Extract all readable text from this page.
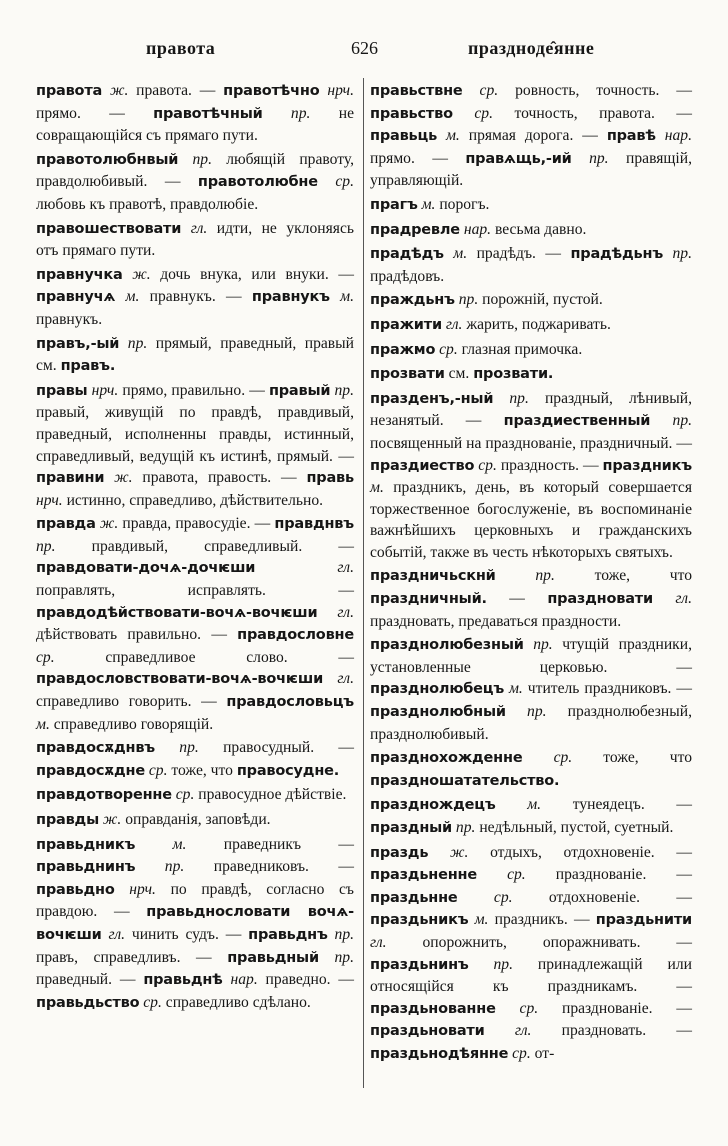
правота	626	праздноде̂янне
правота ж. правота. — правотѣчно нрч. прямо. — правотѣчный пр. не совращающійся съ прямаго пути.
правотолюбнвый пр. любящій правоту, правдолюбивый. — правотолюбне ср. любовь къ правотѣ, правдолюбіе.
правошествовати гл. идти, не уклоняясь отъ прямаго пути.
правнучка ж. дочь внука, или внуки. — правнучѧ м. правнукъ. — правнукъ м. правнукъ.
правъ,-ый пр. прямый, праведный, правый см. правъ.
правы нрч. прямо, правильно. — правый пр. правый, живущій по правдѣ, правдивый, праведный, исполненны правды, истинный, справедливый, ведущій къ истинѣ, прямый. — правини ж. правота, правость. — правь нрч. истинно, справедливо, дѣйствительно.
правда ж. правда, правосудіе. — правднвъ пр. правдивый, справедливый. — правдовати-дочѧ-дочѥши	гл. поправлять, исправлять. — правдодѣйствовати-вочѧ-вочѥши гл. дѣйствовать правильно. — правдословне ср. справедливое слово. — правдословствовати-вочѧ-вочѥши гл. справедливо говорить. — правдословьцъ м. справедливо говорящій.
правдосѫднвъ пр. правосудный. — правдосѫдне ср. тоже, что правосудне.
правдотворенне ср. правосудное дѣйствіе.
правды ж. оправданія, заповѣди.
правьдникъ м. праведникъ — правьднинъ пр. праведниковъ. — правьдно нрч. по правдѣ, согласно съ правдою. — правьднословати вочѧ-вочѥши гл. чинить судъ. — правьднъ пр. правъ, справедливъ. — правьдный пр. праведный. — правьднѣ нар. праведно. — правьдьство ср. справедливо сдѣлано.
правьствне ср. ровность, точность. — правьство ср. точность, правота. — правьць м. прямая дорога. — правѣ нар. прямо. — правѧщь,-ий пр. правящій, управляющій.
прагъ м. порогъ.
прадревле нар. весьма давно.
прадѣдъ м. прадѣдъ. — прадѣдьнъ пр. прадѣдовъ.
праждьнъ пр. порожній, пустой.
пражити гл. жарить, поджаривать.
пражмо ср. глазная примочка.
прозвати см. прозвати.
празденъ,-ный пр. праздный, лѣнивый, незанятый. — праздиественный пр. посвященный на празднованіе, праздничный. — праздиество ср. праздность. — праздникъ м. праздникъ, день, въ который совершается торжественное богослуженіе, въ воспоминаніе важнѣйшихъ церковныхъ и гражданскихъ событій, также въ честь нѣкоторыхъ святыхъ.
праздничьскнй	пр. тоже, что праздничный. — праздновати гл. праздновать, предаваться праздности.
празднолюбезный пр. чтущій праздники, установленные церковью. — празднолюбецъ м. чтитель праздниковъ. — празднолюбный пр. празднолюбезный, празднолюбивый.
празднохожденне ср. тоже, что праздношатательство.
празднождецъ м. тунеядецъ. — праздный пр. недѣльный, пустой, суетный.
праздь ж. отдыхъ, отдохновеніе. — праздьненне ср. празднованіе. — праздьнне ср. отдохновеніе. — праздьникъ м. праздникъ. — праздьнити гл. опорожнить, опоражнивать. — праздьнинъ пр. принадлежащій или относящійся къ праздникамъ. — праздьнованне ср. празднованіе. — праздьновати гл. праздновать. — праздьнодѣянне ср. от-
